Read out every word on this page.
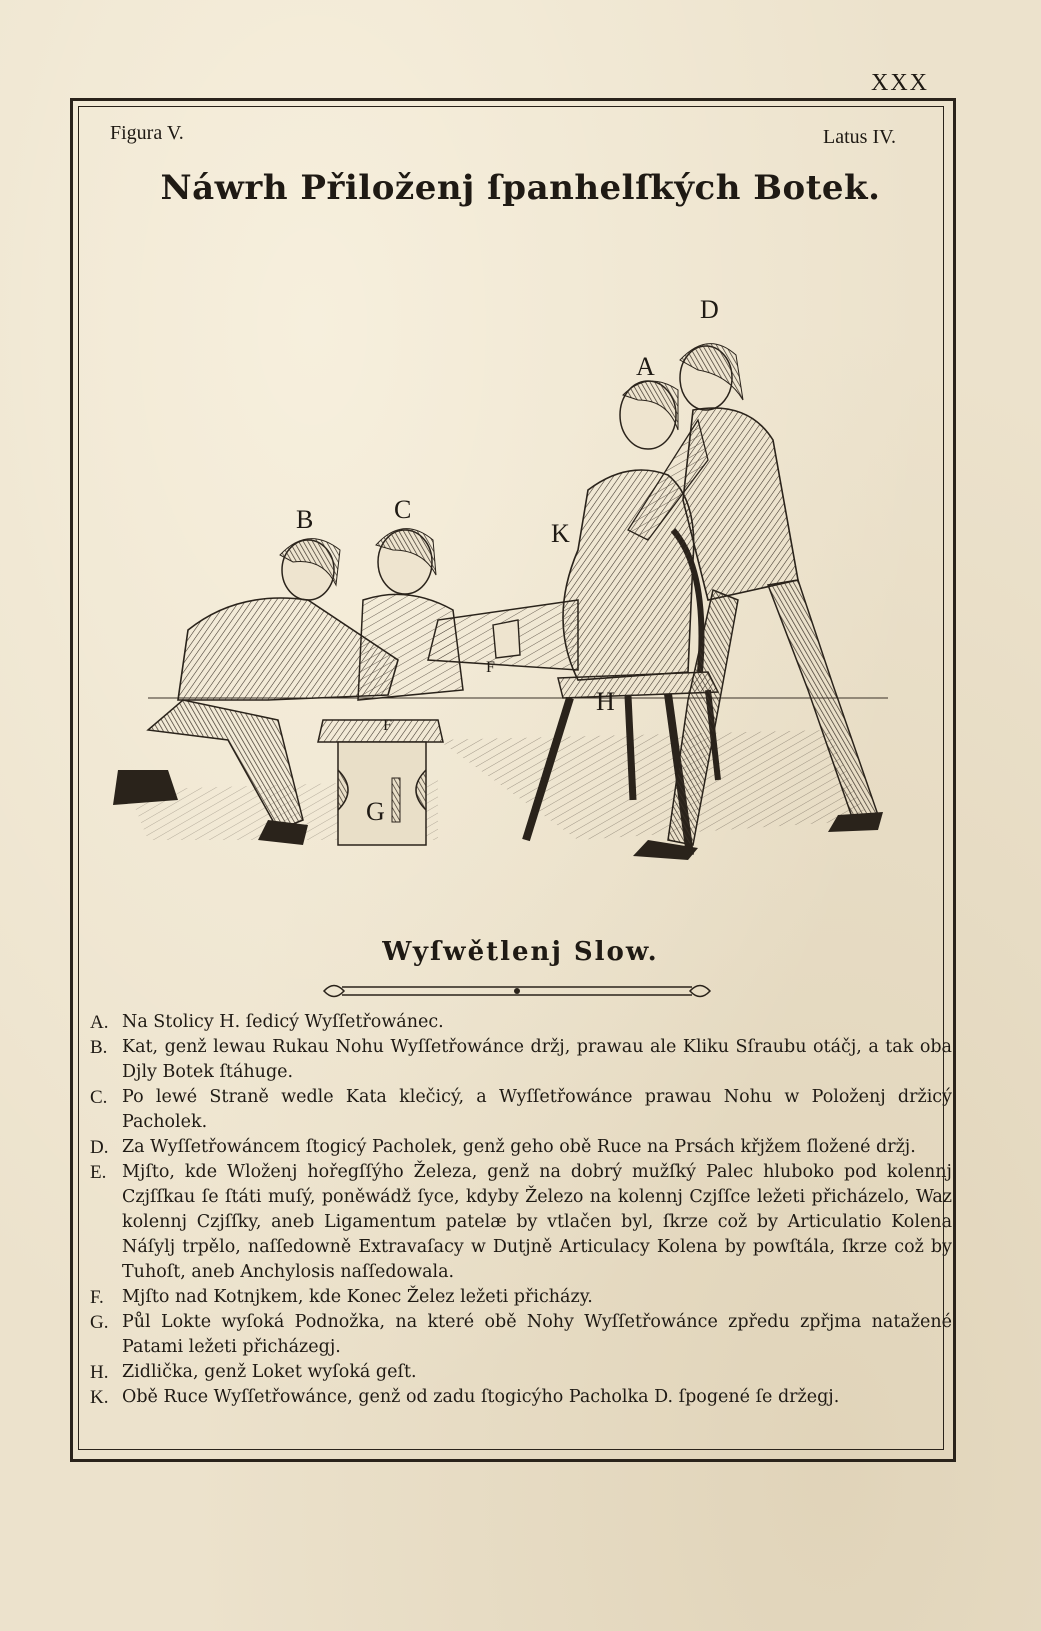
XXX
Figura V.	Latus IV.
Náwrh Přiloženj ſpanhelſkých Botek.
A
B	C
D
K
F
F
G
H
Wyſwětlenj Slow.
A. Na Stolicy H. ſedicý Wyſſetřowánec.
B. Kat, genž lewau Rukau Nohu Wyſſetřowánce držj, prawau ale Kliku Sſraubu otáčj, a tak oba Djly Botek ſtáhuge.
C. Po lewé Straně wedle Kata klečicý, a Wyſſetřowánce prawau Nohu w Položenj držicý Pacholek.
D. Za Wyſſetřowáncem ſtogicý Pacholek, genž geho obě Ruce na Prsách křjžem ſložené držj.
E. Mjſto, kde Wloženj hořegſſýho Železa, genž na dobrý mužſký Palec hluboko pod kolennj Czjſſkau ſe ſtáti muſý, poněwádž ſyce, kdyby Železo na kolennj Czjſſce ležeti přicházelo, Waz kolennj Czjſſky, aneb Ligamentum patelæ by vtlačen byl, ſkrze což by Articulatio Kolena Náſylj trpělo, naſſedowně Extravaſacy w Dutjně Articulacy Kolena by powſtála, ſkrze což by Tuhoſt, aneb Anchylosis naſſedowala.
F.	Mjſto nad Kotnjkem, kde Konec Želez ležeti přicházy.
G. Půl Lokte wyſoká Podnožka, na které obě Nohy Wyſſetřowánce zpředu zpřjma natažené Patami ležeti přicházegj.
H. Zidlička, genž Loket wyſoká geſt.
K. Obě Ruce Wyſſetřowánce, genž od zadu ſtogicýho Pacholka D. ſpogené ſe držegj.
